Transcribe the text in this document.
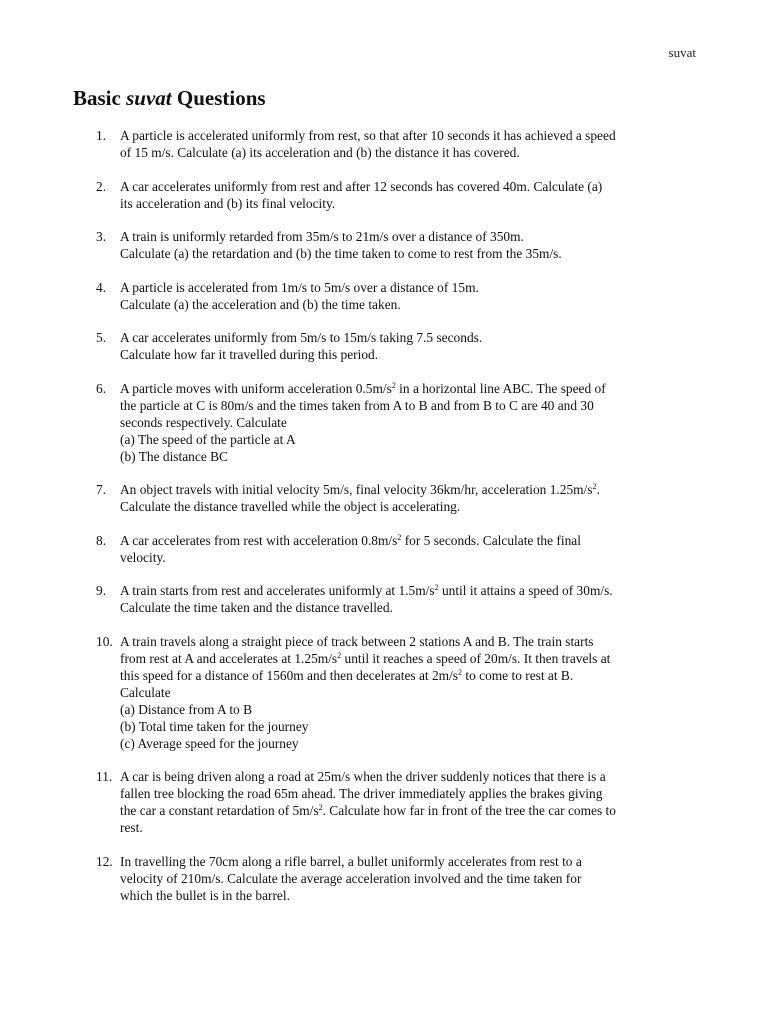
suvat
Basic suvat Questions
1. A particle is accelerated uniformly from rest, so that after 10 seconds it has achieved a speed
of 15 m/s. Calculate (a) its acceleration and (b) the distance it has covered.
2. A car accelerates uniformly from rest and after 12 seconds has covered 40m. Calculate (a)
its acceleration and (b) its final velocity.
3. A train is uniformly retarded from 35m/s to 21m/s over a distance of 350m.
Calculate (a) the retardation and (b) the time taken to come to rest from the 35m/s.
4. A particle is accelerated from 1m/s to 5m/s over a distance of 15m.
Calculate (a) the acceleration and (b) the time taken.
5. A car accelerates uniformly from 5m/s to 15m/s taking 7.5 seconds.
Calculate how far it travelled during this period.
6. A particle moves with uniform acceleration $0.5m/s^2$ in a horizontal line ABC. The speed of
the particle at C is 80m/s and the times taken from A to B and from B to C are 40 and 30
seconds respectively. Calculate
(a) The speed of the particle at A
(b) The distance BC
7. An object travels with initial velocity 5m/s, final velocity 36km/hr, acceleration $1.25m/s^2$.
Calculate the distance travelled while the object is accelerating.
8. A car accelerates from rest with acceleration $0.8m/s^2$ for 5 seconds. Calculate the final
velocity.
9. A train starts from rest and accelerates uniformly at $1.5m/s^2$ until it attains a speed of 30m/s.
Calculate the time taken and the distance travelled.
10. A train travels along a straight piece of track between 2 stations A and B. The train starts
from rest at A and accelerates at $1.25m/s^2$ until it reaches a speed of 20m/s. It then travels at
this speed for a distance of 1560m and then decelerates at $2m/s^2$ to come to rest at B.
Calculate
(a) Distance from A to B
(b) Total time taken for the journey
(c) Average speed for the journey
11. A car is being driven along a road at 25m/s when the driver suddenly notices that there is a
fallen tree blocking the road 65m ahead. The driver immediately applies the brakes giving
the car a constant retardation of $5m/s^2$. Calculate how far in front of the tree the car comes to
rest.
12. In travelling the 70cm along a rifle barrel, a bullet uniformly accelerates from rest to a
velocity of 210m/s. Calculate the average acceleration involved and the time taken for
which the bullet is in the barrel.
